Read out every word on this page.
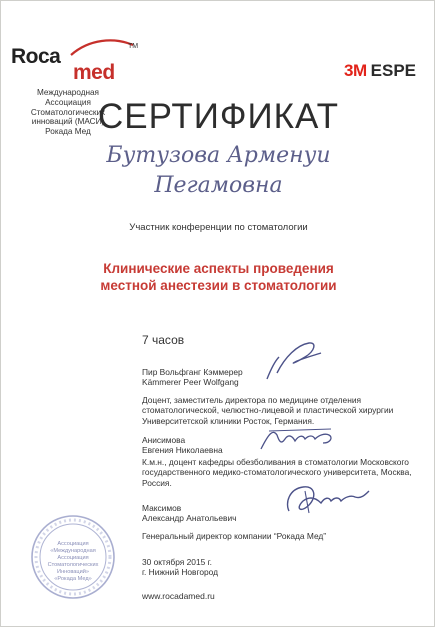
Roca
med
TM
Международная
Ассоциация
Стоматологических
инноваций (МАСИ)
Рокада Мед
3M ESPE
СЕРТИФИКАТ
Бутузова Арменуи
Пегамовна
Участник конференции по стоматологии
Клинические аспекты проведения
местной анестезии в стоматологии
7 часов
Пир Вольфганг Кэммерер
Kämmerer Peer Wolfgang
Доцент, заместитель директора по медицине отделения стоматологической, челюстно-лицевой и пластической хирургии Университетской клиники Росток, Германия.
Анисимова
Евгения Николаевна
К.м.н., доцент кафедры обезболивания в стоматологии Московского государственного медико-стоматологического университета, Москва, Россия.
Максимов
Александр Анатольевич
Генеральный директор компании “Рокада Мед”
30 октября 2015 г.
г. Нижний Новгород
www.rocadamed.ru
Ассоциация
«Международная
Ассоциация
Стоматологических
Инноваций»
«Рокада Мед»
